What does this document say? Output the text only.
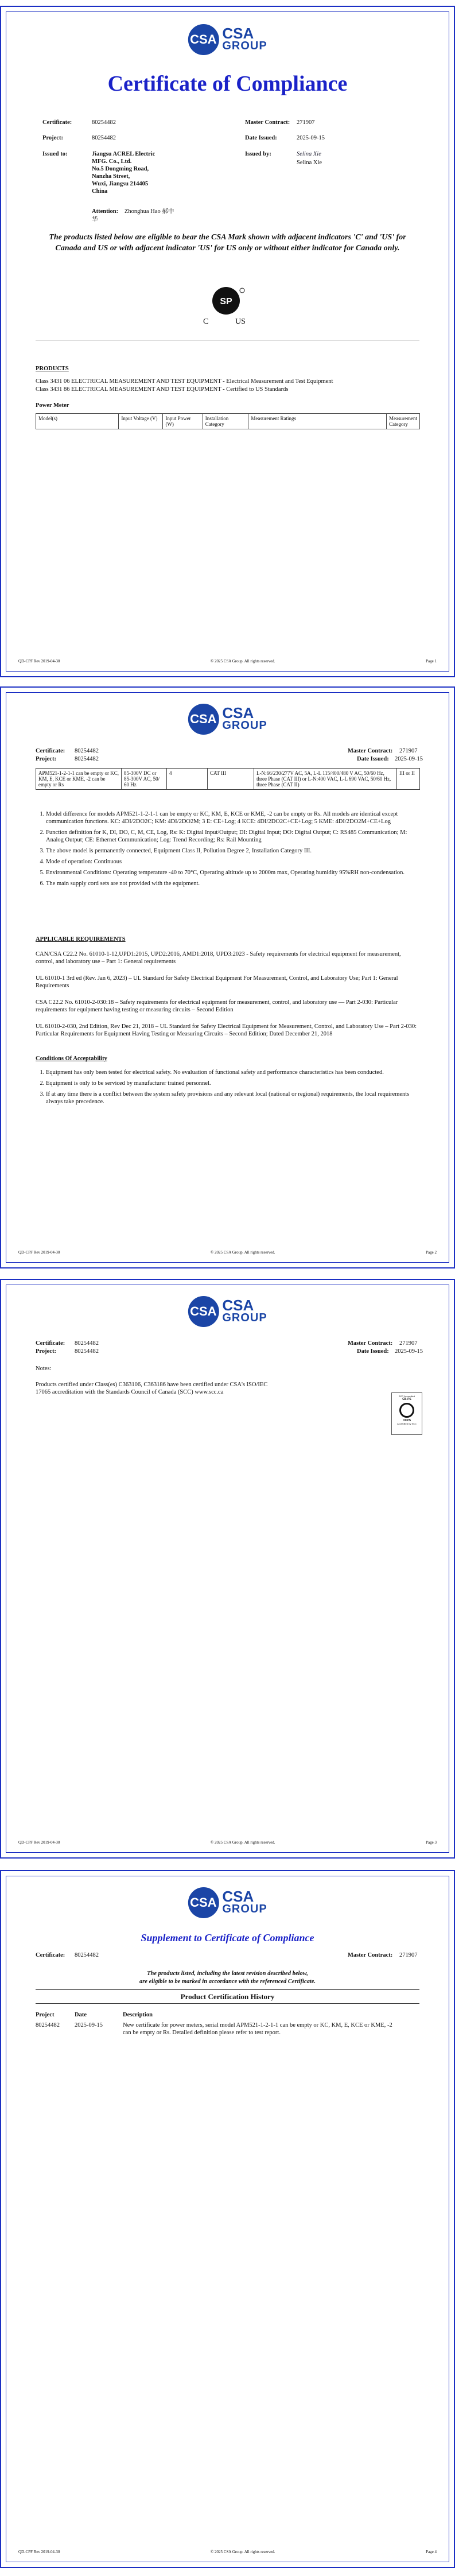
CSA CSA
GROUP
Certificate of Compliance
Certificate:	80254482	Master Contract: 271907
Project:	80254482	Date Issued:	2025-09-15
Issued to:	Jiangsu ACREL Electric
MFG. Co., Ltd.
No.5 Dongming Road,
Nanzha Street,
Wuxi, Jiangsu 214405
China
Issued by:	Selina Xie
Selina Xie
Attention: Zhonghua Hao 郝中
华
The products listed below are eligible to bear the CSA Mark shown with adjacent indicators 'C' and 'US' for Canada and US or with adjacent indicator 'US' for US only or without either indicator for Canada only.
SP
C	US
PRODUCTS
Class 3431 06 ELECTRICAL MEASUREMENT AND TEST EQUIPMENT - Electrical Measurement and Test Equipment
Class 3431 86 ELECTRICAL MEASUREMENT AND TEST EQUIPMENT - Certified to US Standards
Power Meter
Model(s)	Input Voltage (V)	Input Power (W)	Installation Category	Measurement Ratings	Measurement Category
QD-CPF Rev 2019-04-30	© 2025 CSA Group. All rights reserved.	Page 1
CSA CSA
GROUP
Certificate: 80254482	Master Contract: 271907
Project:	80254482	Date Issued: 2025-09-15
APM521-1-2-1-1 can be empty or KC, KM, E, KCE or KME, -2 can be empty or Rs	85-300V DC or 85-300V AC, 50/ 60 Hz	4	CAT III	L-N:66/230/277V AC, 5A, L-L 115/400/480 V AC, 50/60 Hz, three Phase (CAT III) or L-N:400 VAC, L-L 690 VAC, 50/60 Hz, three Phase (CAT II)	III or II
1. Model difference for models APM521-1-2-1-1 can be empty or KC, KM, E, KCE or KME, -2 can be empty or Rs. All models are identical except communication functions. KC: 4DI/2DO2C; KM: 4DI/2DO2M; 3 E: CE+Log; 4 KCE: 4DI/2DO2C+CE+Log; 5 KME: 4DI/2DO2M+CE+Log
2. Function definition for K, DI, DO, C, M, CE, Log, Rs: K: Digital Input/Output; DI: Digital Input; DO: Digital Output; C: RS485 Communication; M: Analog Output; CE: Ethernet Communication; Log: Trend Recording; Rs: Rail Mounting
3. The above model is permanently connected, Equipment Class II, Pollution Degree 2, Installation Category III.
4. Mode of operation: Continuous
5. Environmental Conditions: Operating temperature -40 to 70°C, Operating altitude up to 2000m max, Operating humidity 95%RH non-condensation.
6. The main supply cord sets are not provided with the equipment.
APPLICABLE REQUIREMENTS
CAN/CSA C22.2 No. 61010-1-12,UPD1:2015, UPD2:2016, AMD1:2018, UPD3:2023 - Safety requirements for electrical equipment for measurement, control, and laboratory use – Part 1: General requirements
UL 61010-1 3rd ed (Rev. Jan 6, 2023) – UL Standard for Safety Electrical Equipment For Measurement, Control, and Laboratory Use; Part 1: General Requirements
CSA C22.2 No. 61010-2-030:18 – Safety requirements for electrical equipment for measurement, control, and laboratory use — Part 2-030: Particular requirements for equipment having testing or measuring circuits – Second Edition
UL 61010-2-030, 2nd Edition, Rev Dec 21, 2018 – UL Standard for Safety Electrical Equipment for Measurement, Control, and Laboratory Use – Part 2-030: Particular Requirements for Equipment Having Testing or Measuring Circuits – Second Edition; Dated December 21, 2018
Conditions Of Acceptability
1. Equipment has only been tested for electrical safety. No evaluation of functional safety and performance characteristics has been conducted.
2. Equipment is only to be serviced by manufacturer trained personnel.
3. If at any time there is a conflict between the system safety provisions and any relevant local (national or regional) requirements, the local requirements always take precedence.
QD-CPF Rev 2019-04-30	© 2025 CSA Group. All rights reserved.	Page 2
CSA CSA
GROUP
Certificate: 80254482	Master Contract: 271907
Project:	80254482	Date Issued: 2025-09-15
Notes:
Products certified under Class(es) C363106, C363186 have been certified under CSA's ISO/IEC 17065 accreditation with the Standards Council of Canada (SCC) www.scc.ca
SCC Accredited
CB-PS
OCPS
Accredited by SCC
QD-CPF Rev 2019-04-30	© 2025 CSA Group. All rights reserved.	Page 3
CSA CSA
GROUP
Supplement to Certificate of Compliance
Certificate: 80254482	Master Contract: 271907
The products listed, including the latest revision described below,
are eligible to be marked in accordance with the referenced Certificate.
Product Certification History
Project	Date	Description
80254482 2025-09-15	New certificate for power meters, serial model APM521-1-2-1-1 can be empty or KC, KM, E, KCE or KME, -2 can be empty or Rs. Detailed definition please refer to test report.
QD-CPF Rev 2019-04-30	© 2025 CSA Group. All rights reserved.	Page 4
